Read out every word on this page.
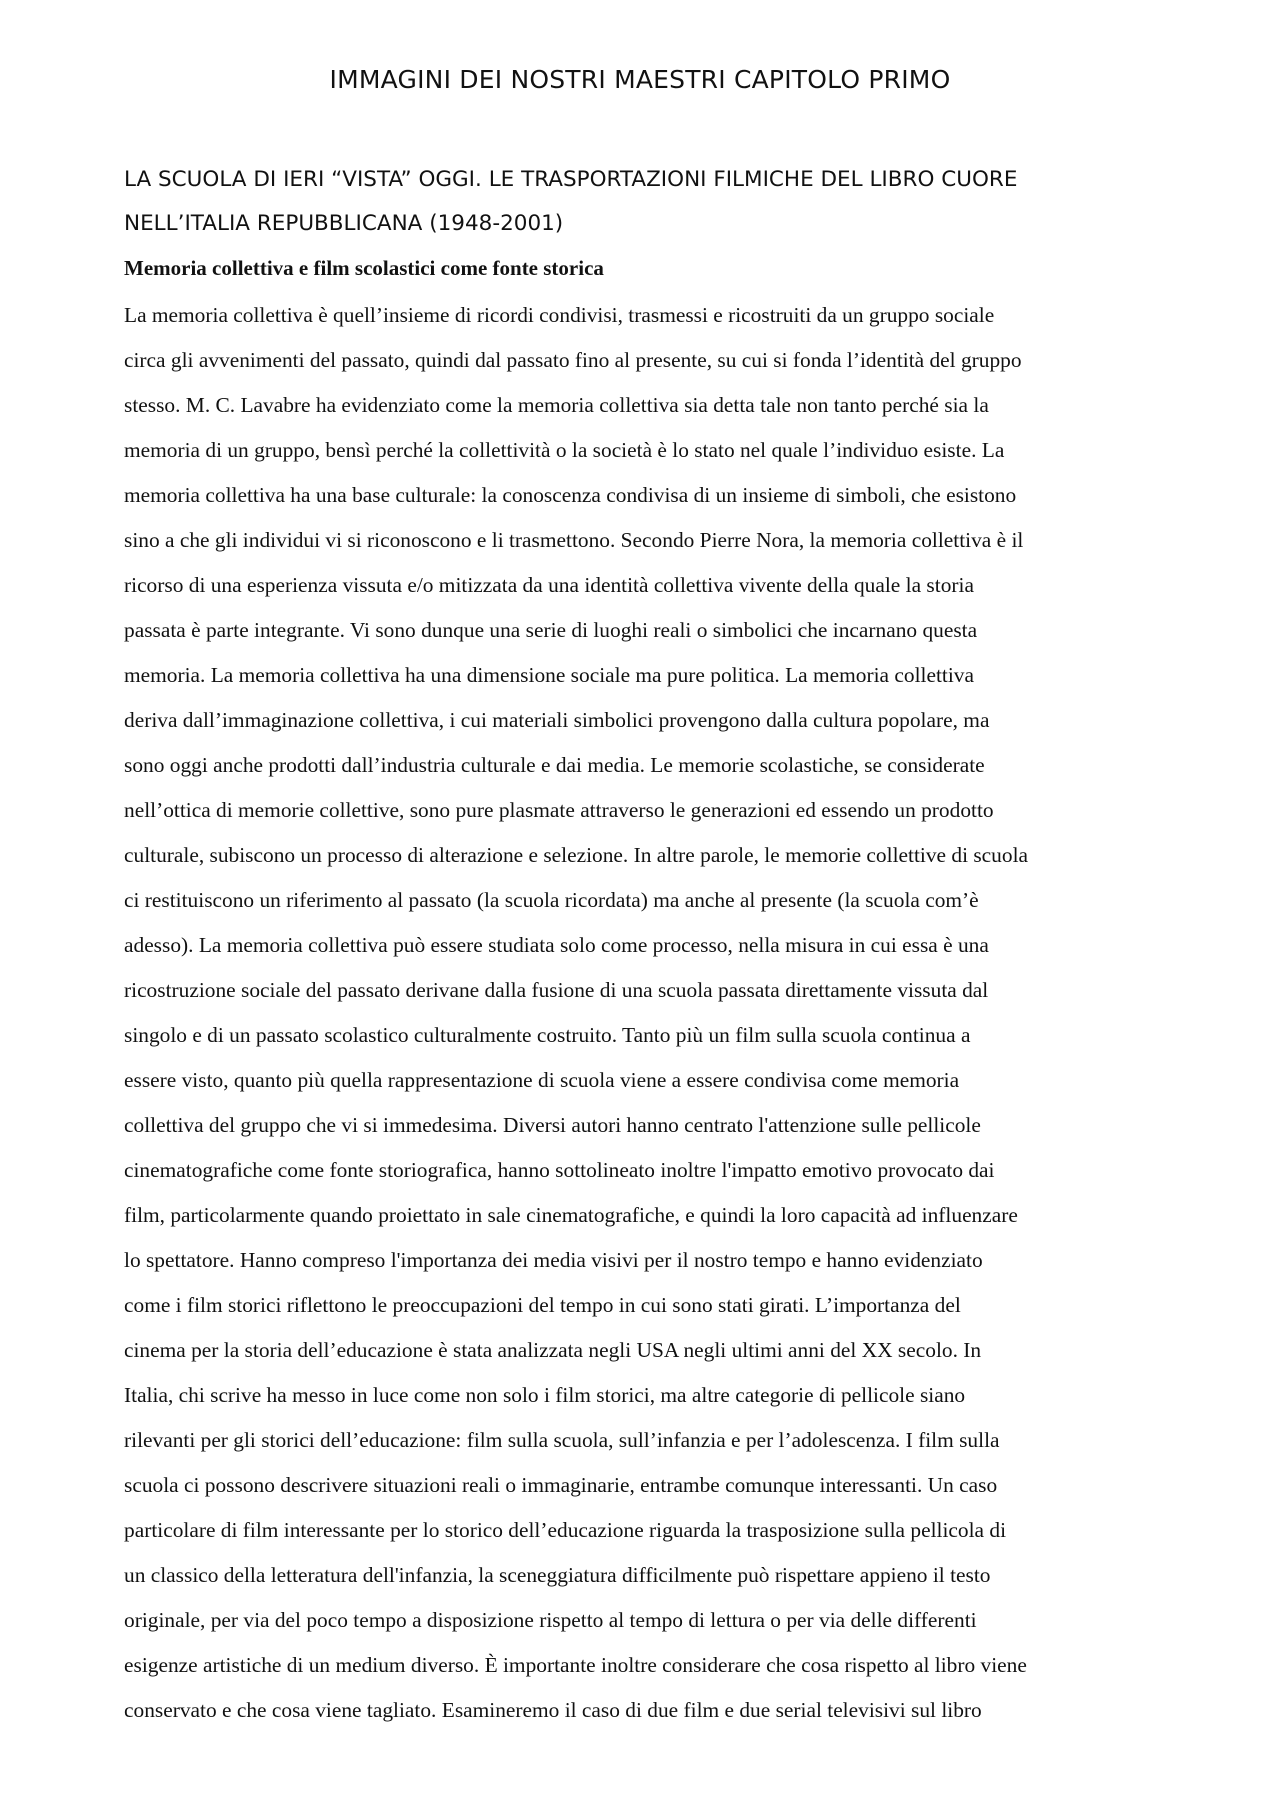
IMMAGINI DEI NOSTRI MAESTRI CAPITOLO PRIMO
LA SCUOLA DI IERI “VISTA” OGGI. LE TRASPORTAZIONI FILMICHE DEL LIBRO CUORE
NELL’ITALIA REPUBBLICANA (1948-2001)
Memoria collettiva e film scolastici come fonte storica
La memoria collettiva è quell’insieme di ricordi condivisi, trasmessi e ricostruiti da un gruppo sociale
circa gli avvenimenti del passato, quindi dal passato fino al presente, su cui si fonda l’identità del gruppo
stesso. M. C. Lavabre ha evidenziato come la memoria collettiva sia detta tale non tanto perché sia la
memoria di un gruppo, bensì perché la collettività o la società è lo stato nel quale l’individuo esiste. La
memoria collettiva ha una base culturale: la conoscenza condivisa di un insieme di simboli, che esistono
sino a che gli individui vi si riconoscono e li trasmettono. Secondo Pierre Nora, la memoria collettiva è il
ricorso di una esperienza vissuta e/o mitizzata da una identità collettiva vivente della quale la storia
passata è parte integrante. Vi sono dunque una serie di luoghi reali o simbolici che incarnano questa
memoria. La memoria collettiva ha una dimensione sociale ma pure politica. La memoria collettiva
deriva dall’immaginazione collettiva, i cui materiali simbolici provengono dalla cultura popolare, ma
sono oggi anche prodotti dall’industria culturale e dai media. Le memorie scolastiche, se considerate
nell’ottica di memorie collettive, sono pure plasmate attraverso le generazioni ed essendo un prodotto
culturale, subiscono un processo di alterazione e selezione. In altre parole, le memorie collettive di scuola
ci restituiscono un riferimento al passato (la scuola ricordata) ma anche al presente (la scuola com’è
adesso). La memoria collettiva può essere studiata solo come processo, nella misura in cui essa è una
ricostruzione sociale del passato derivane dalla fusione di una scuola passata direttamente vissuta dal
singolo e di un passato scolastico culturalmente costruito. Tanto più un film sulla scuola continua a
essere visto, quanto più quella rappresentazione di scuola viene a essere condivisa come memoria
collettiva del gruppo che vi si immedesima. Diversi autori hanno centrato l'attenzione sulle pellicole
cinematografiche come fonte storiografica, hanno sottolineato inoltre l'impatto emotivo provocato dai
film, particolarmente quando proiettato in sale cinematografiche, e quindi la loro capacità ad influenzare
lo spettatore. Hanno compreso l'importanza dei media visivi per il nostro tempo e hanno evidenziato
come i film storici riflettono le preoccupazioni del tempo in cui sono stati girati. L’importanza del
cinema per la storia dell’educazione è stata analizzata negli USA negli ultimi anni del XX secolo. In
Italia, chi scrive ha messo in luce come non solo i film storici, ma altre categorie di pellicole siano
rilevanti per gli storici dell’educazione: film sulla scuola, sull’infanzia e per l’adolescenza. I film sulla
scuola ci possono descrivere situazioni reali o immaginarie, entrambe comunque interessanti. Un caso
particolare di film interessante per lo storico dell’educazione riguarda la trasposizione sulla pellicola di
un classico della letteratura dell'infanzia, la sceneggiatura difficilmente può rispettare appieno il testo
originale, per via del poco tempo a disposizione rispetto al tempo di lettura o per via delle differenti
esigenze artistiche di un medium diverso. È importante inoltre considerare che cosa rispetto al libro viene
conservato e che cosa viene tagliato. Esamineremo il caso di due film e due serial televisivi sul libro
